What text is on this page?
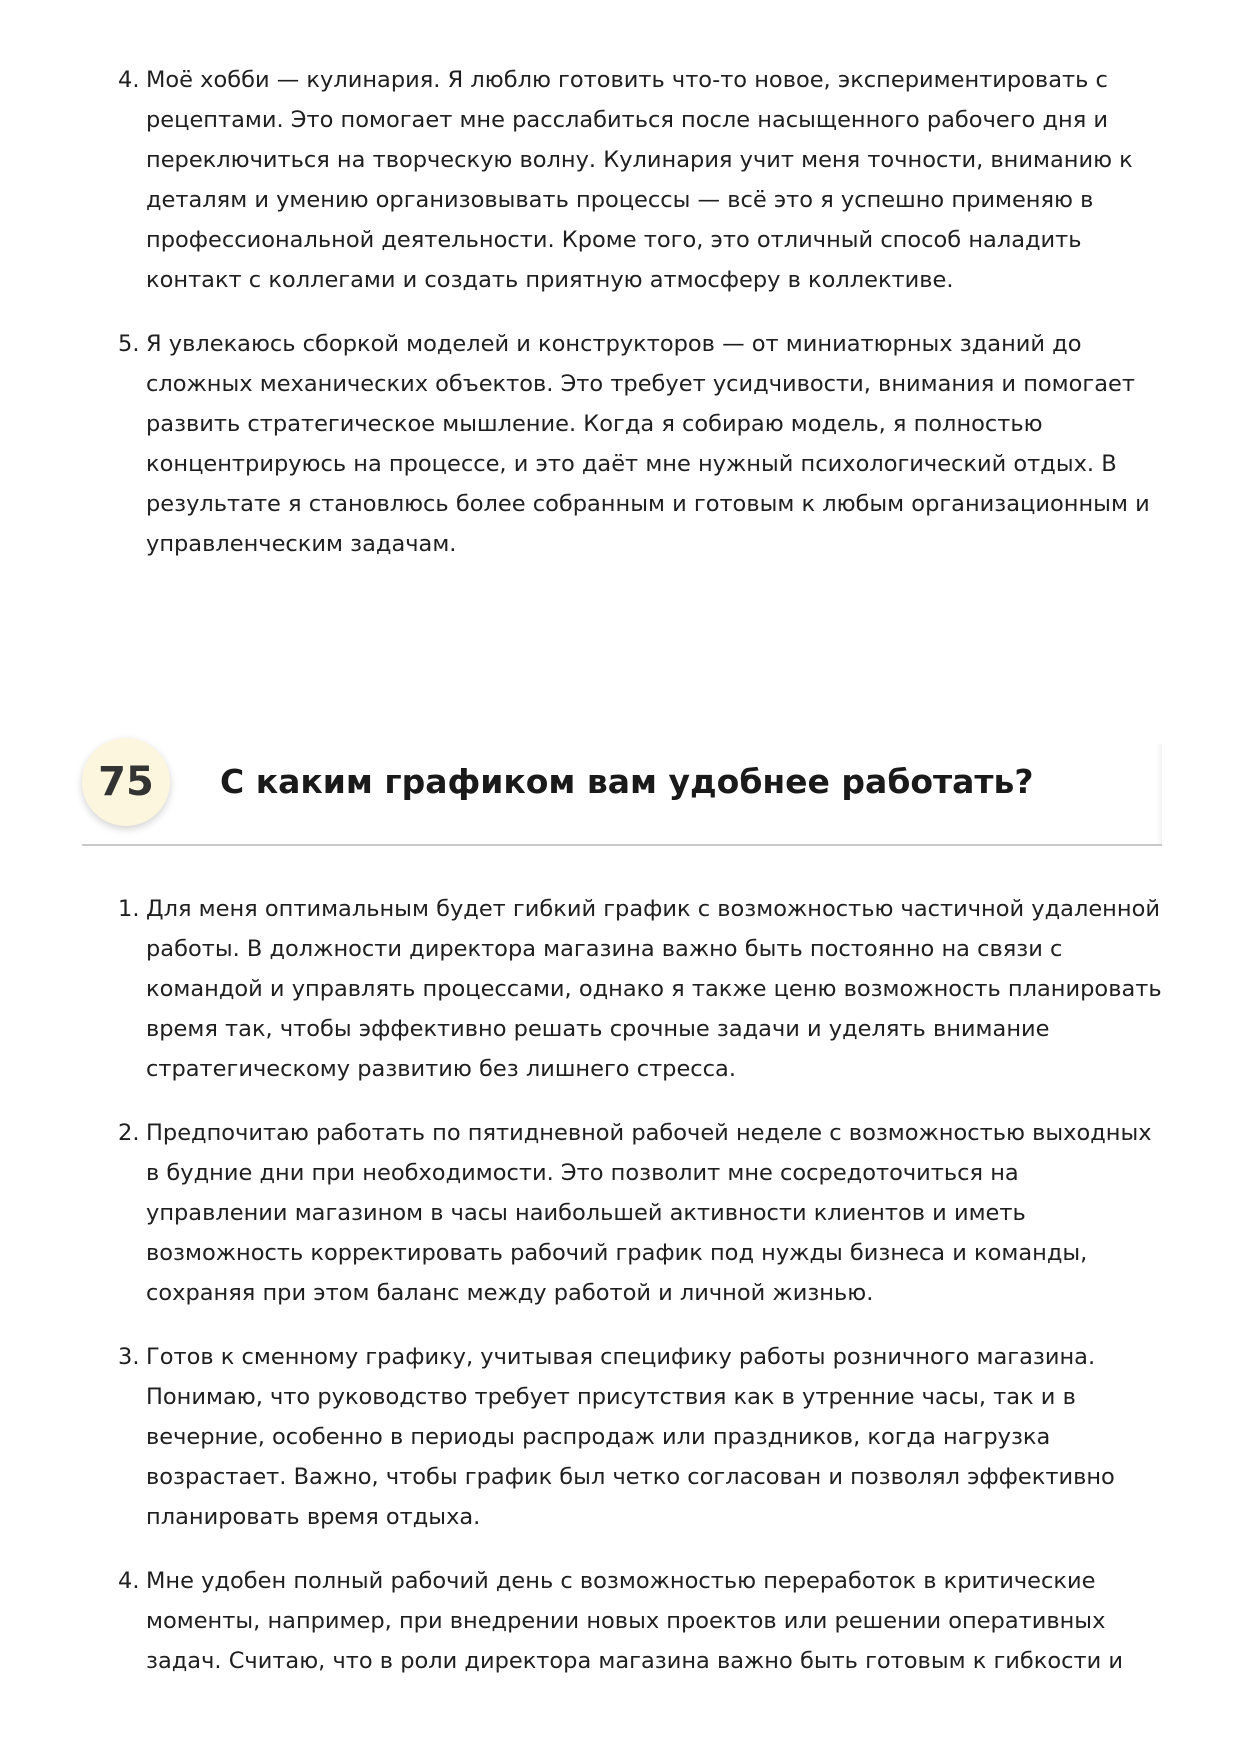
4. Моё хобби — кулинария. Я люблю готовить что-то новое, экспериментировать с рецептами. Это помогает мне расслабиться после насыщенного рабочего дня и переключиться на творческую волну. Кулинария учит меня точности, вниманию к деталям и умению организовывать процессы — всё это я успешно применяю в профессиональной деятельности. Кроме того, это отличный способ наладить контакт с коллегами и создать приятную атмосферу в коллективе.
5. Я увлекаюсь сборкой моделей и конструкторов — от миниатюрных зданий до сложных механических объектов. Это требует усидчивости, внимания и помогает развить стратегическое мышление. Когда я собираю модель, я полностью концентрируюсь на процессе, и это даёт мне нужный психологический отдых. В результате я становлюсь более собранным и готовым к любым организационным и управленческим задачам.
75	С каким графиком вам удобнее работать?
1. Для меня оптимальным будет гибкий график с возможностью частичной удаленной работы. В должности директора магазина важно быть постоянно на связи с командой и управлять процессами, однако я также ценю возможность планировать время так, чтобы эффективно решать срочные задачи и уделять внимание стратегическому развитию без лишнего стресса.
2. Предпочитаю работать по пятидневной рабочей неделе с возможностью выходных в будние дни при необходимости. Это позволит мне сосредоточиться на управлении магазином в часы наибольшей активности клиентов и иметь возможность корректировать рабочий график под нужды бизнеса и команды, сохраняя при этом баланс между работой и личной жизнью.
3. Готов к сменному графику, учитывая специфику работы розничного магазина. Понимаю, что руководство требует присутствия как в утренние часы, так и в вечерние, особенно в периоды распродаж или праздников, когда нагрузка возрастает. Важно, чтобы график был четко согласован и позволял эффективно планировать время отдыха.
4. Мне удобен полный рабочий день с возможностью переработок в критические моменты, например, при внедрении новых проектов или решении оперативных задач. Считаю, что в роли директора магазина важно быть готовым к гибкости и
